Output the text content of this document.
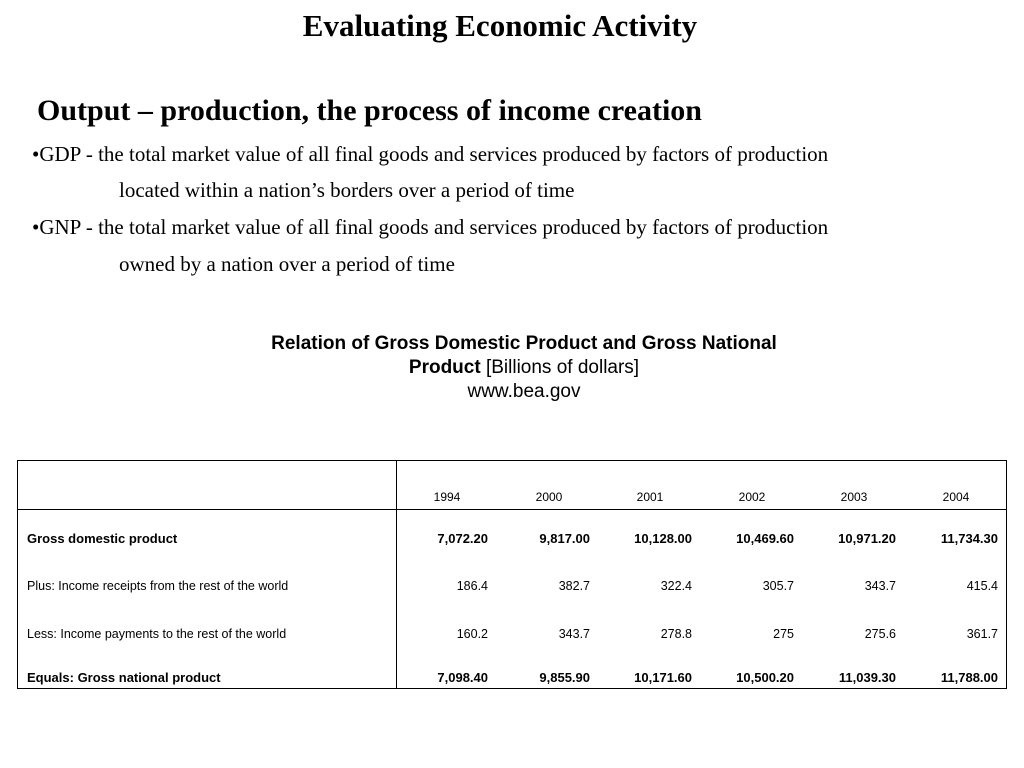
Evaluating Economic Activity
Output – production, the process of income creation
•GDP - the total market value of all final goods and services produced by factors of production
located within a nation’s borders over a period of time
•GNP - the total market value of all final goods and services produced by factors of production
owned by a nation over a period of time
Relation of Gross Domestic Product and Gross National
Product [Billions of dollars]
www.bea.gov
1994	2000	2001	2002	2003	2004
Gross domestic product	7,072.20	9,817.00	10,128.00	10,469.60	10,971.20	11,734.30
Plus: Income receipts from the rest of the world	186.4	382.7	322.4	305.7	343.7	415.4
Less: Income payments to the rest of the world	160.2	343.7	278.8	275	275.6	361.7
Equals: Gross national product	7,098.40	9,855.90	10,171.60	10,500.20	11,039.30	11,788.00
